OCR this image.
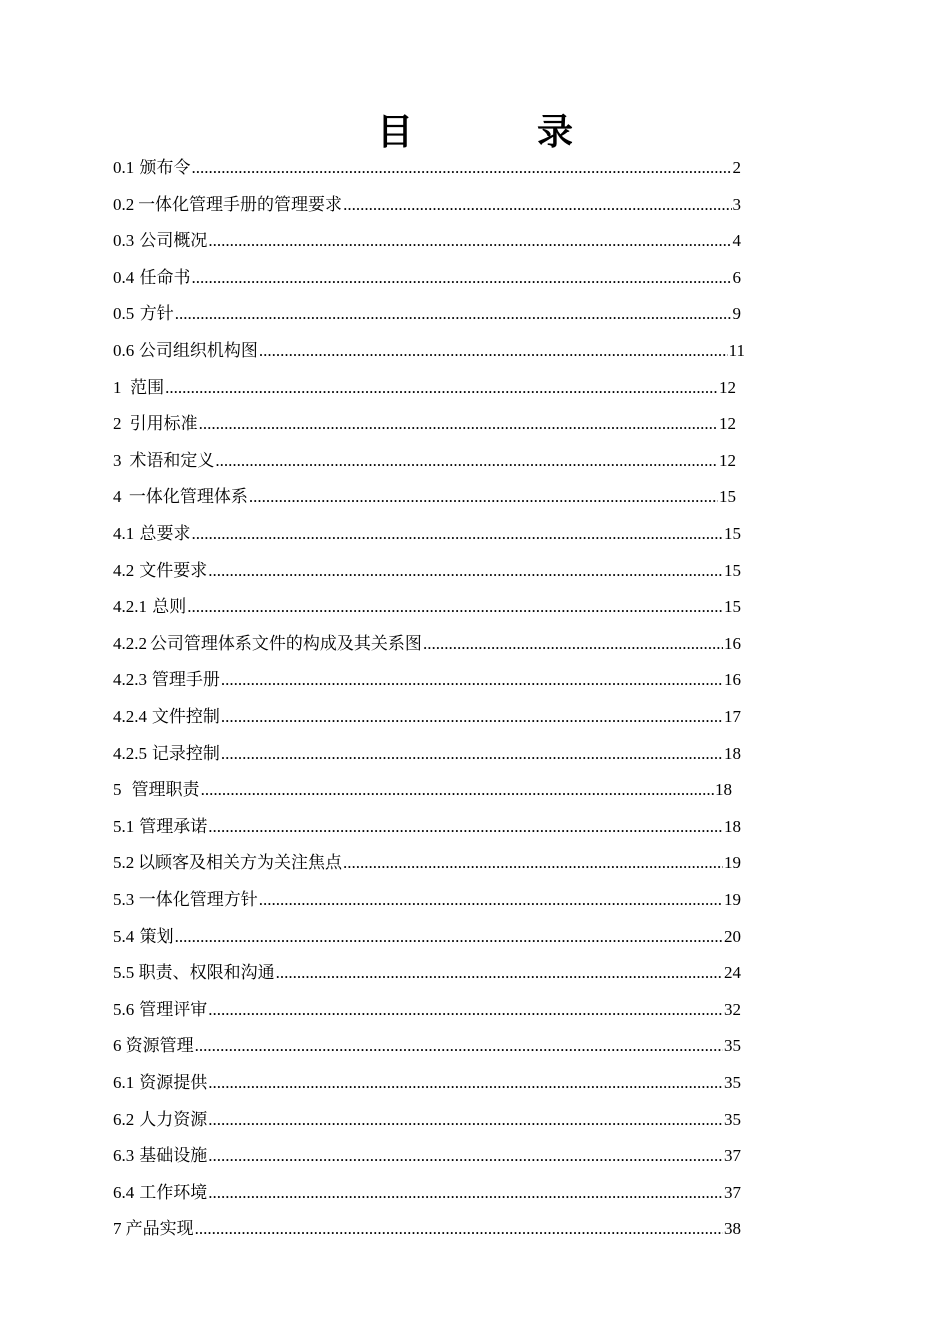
目　录
0.1 颁布令 .....	2
0.2 一体化管理手册的管理要求 .....	3
0.3 公司概况 .....	4
0.4 任命书 .....	6
0.5 方针 .....	9
0.6 公司组织机构图 .....	11
1 范围 .....	12
2 引用标准 .....	12
3 术语和定义 .....	12
4 一体化管理体系 .....	15
4.1 总要求 .....	15
4.2 文件要求 .....	15
4.2.1 总则 .....	15
4.2.2 公司管理体系文件的构成及其关系图 .....	16
4.2.3 管理手册 .....	16
4.2.4 文件控制 .....	17
4.2.5 记录控制 .....	18
5 管理职责 .....	18
5.1 管理承诺 .....	18
5.2 以顾客及相关方为关注焦点 .....	19
5.3 一体化管理方针 .....	19
5.4 策划 .....	20
5.5 职责、权限和沟通 .....	24
5.6 管理评审 .....	32
6 资源管理 .....	35
6.1 资源提供 .....	35
6.2 人力资源 .....	35
6.3 基础设施 .....	37
6.4 工作环境 .....	37
7 产品实现 .....	38
